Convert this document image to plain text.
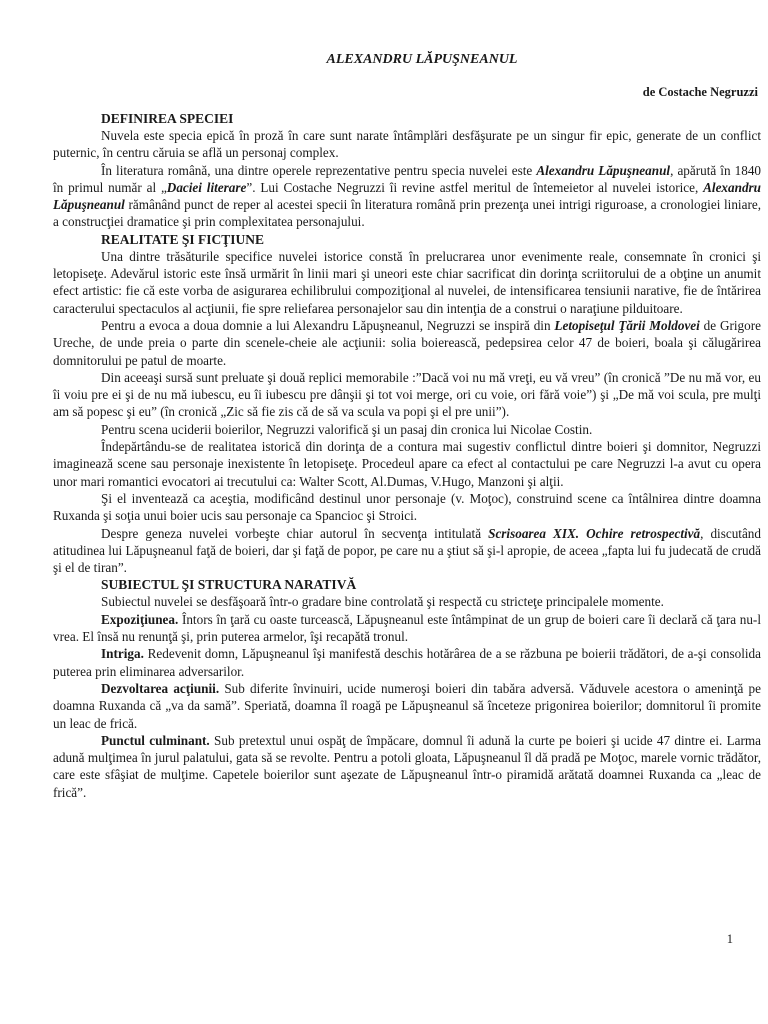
ALEXANDRU LĂPUŞNEANUL
de Costache Negruzzi
DEFINIREA SPECIEI

Nuvela este specia epică în proză în care sunt narate întâmplări desfăşurate pe un singur fir epic, generate de un conflict puternic, în centru căruia se află un personaj complex.

În literatura română, una dintre operele reprezentative pentru specia nuvelei este Alexandru Lăpuşneanul, apărută în 1840 în primul număr al „Daciei literare”. Lui Costache Negruzzi îi revine astfel meritul de întemeietor al nuvelei istorice, Alexandru Lăpuşneanul rămânând punct de reper al acestei specii în literatura română prin prezenţa unei intrigi riguroase, a cronologiei liniare, a construcţiei dramatice şi prin complexitatea personajului.

REALITATE ŞI FICŢIUNE

Una dintre trăsăturile specifice nuvelei istorice constă în prelucrarea unor evenimente reale, consemnate în cronici şi letopiseţe. Adevărul istoric este însă urmărit în linii mari şi uneori este chiar sacrificat din dorinţa scriitorului de a obţine un anumit efect artistic: fie că este vorba de asigurarea echilibrului compoziţional al nuvelei, de intensificarea tensiunii narative, fie de întărirea caracterului spectaculos al acţiunii, fie spre reliefarea personajelor sau din intenţia de a construi o naraţiune pilduitoare.

Pentru a evoca a doua domnie a lui Alexandru Lăpuşneanul, Negruzzi se inspiră din Letopiseţul Ţării Moldovei de Grigore Ureche, de unde preia o parte din scenele-cheie ale acţiunii: solia boierească, pedepsirea celor 47 de boieri, boala şi călugărirea domnitorului pe patul de moarte.

Din aceeaşi sursă sunt preluate şi două replici memorabile :”Dacă voi nu mă vreţi, eu vă vreu” (în cronică ”De nu mă vor, eu îi voiu pre ei şi de nu mă iubescu, eu îi iubescu pre dânşii şi tot voi merge, ori cu voie, ori fără voie”) şi „De mă voi scula, pre mulţi am să popesc şi eu” (în cronică „Zic să fie zis că de să va scula va popi şi el pre unii”).

Pentru scena uciderii boierilor, Negruzzi valorifică şi un pasaj din cronica lui Nicolae Costin.

Îndepărtându-se de realitatea istorică din dorinţa de a contura mai sugestiv conflictul dintre boieri şi domnitor, Negruzzi imaginează scene sau personaje inexistente în letopiseţe. Procedeul apare ca efect al contactului pe care Negruzzi l-a avut cu opera unor mari romantici evocatori ai trecutului ca: Walter Scott, Al.Dumas, V.Hugo, Manzoni şi alţii.

Şi el inventează ca aceştia, modificând destinul unor personaje (v. Moţoc), construind scene ca întâlnirea dintre doamna Ruxanda şi soţia unui boier ucis sau personaje ca Spancioc şi Stroici.

Despre geneza nuvelei vorbeşte chiar autorul în secvenţa intitulată Scrisoarea XIX. Ochire retrospectivă, discutând atitudinea lui Lăpuşneanul faţă de boieri, dar şi faţă de popor, pe care nu a ştiut să şi-l apropie, de aceea „fapta lui fu judecată de crudă şi el de tiran”.

SUBIECTUL ŞI STRUCTURA NARATIVĂ

Subiectul nuvelei se desfăşoară într-o gradare bine controlată şi respectă cu stricteţe principalele momente.

Expoziţiunea. Întors în ţară cu oaste turcească, Lăpuşneanul este întâmpinat de un grup de boieri care îi declară că ţara nu-l vrea. El însă nu renunţă şi, prin puterea armelor, îşi recapătă tronul.

Intriga. Redevenit domn, Lăpuşneanul îşi manifestă deschis hotărârea de a se răzbuna pe boierii trădători, de a-şi consolida puterea prin eliminarea adversarilor.

Dezvoltarea acţiunii. Sub diferite învinuiri, ucide numeroşi boieri din tabăra adversă. Văduvele acestora o ameninţă pe doamna Ruxanda că „va da samă”. Speriată, doamna îl roagă pe Lăpuşneanul să înceteze prigonirea boierilor; domnitorul îi promite un leac de frică.

Punctul culminant. Sub pretextul unui ospăţ de împăcare, domnul îi adună la curte pe boieri şi ucide 47 dintre ei. Larma adună mulţimea în jurul palatului, gata să se revolte. Pentru a potoli gloata, Lăpuşneanul îl dă pradă pe Moţoc, marele vornic trădător, care este sfâşiat de mulţime. Capetele boierilor sunt aşezate de Lăpuşneanul într-o piramidă arătată doamnei Ruxanda ca „leac de frică”.

1
